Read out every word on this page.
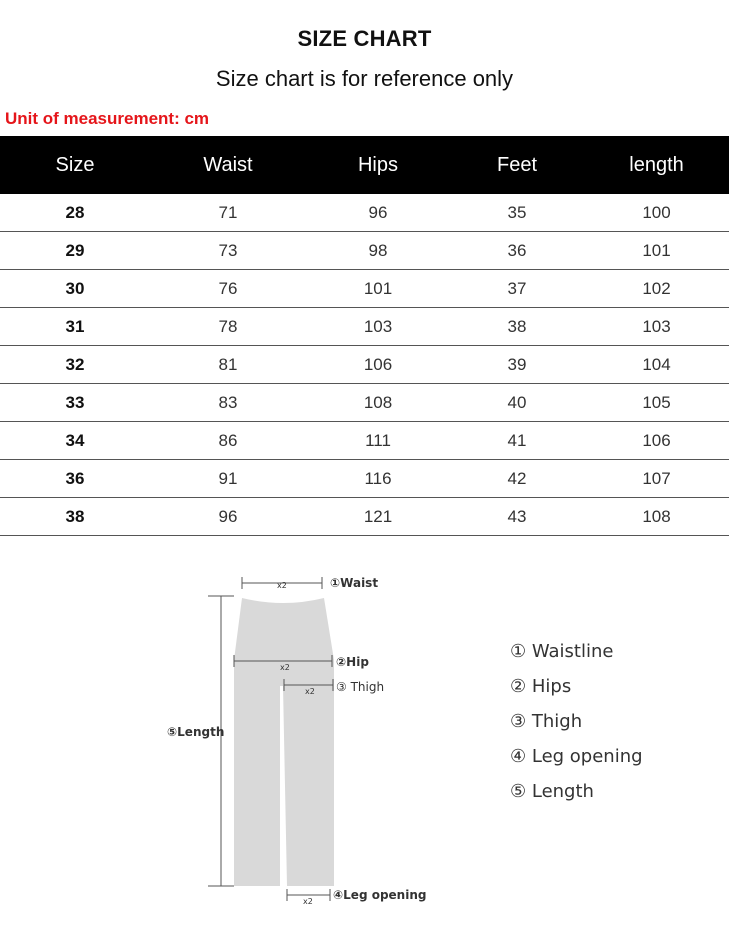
SIZE CHART
Size chart is for reference only
Unit of measurement: cm
Size	Waist	Hips	Feet	length
28	71	96	35	100
29	73	98	36	101
30	76	101	37	102
31	78	103	38	103
32	81	106	39	104
33	83	108	40	105
34	86	111	41	106
36	91	116	42	107
38	96	121	43	108
x2	①Waist
x2	②Hip
x2 ③ Thigh
⑤Length
x2 ④Leg opening
① Waistline
② Hips
③ Thigh
④ Leg opening
⑤ Length
